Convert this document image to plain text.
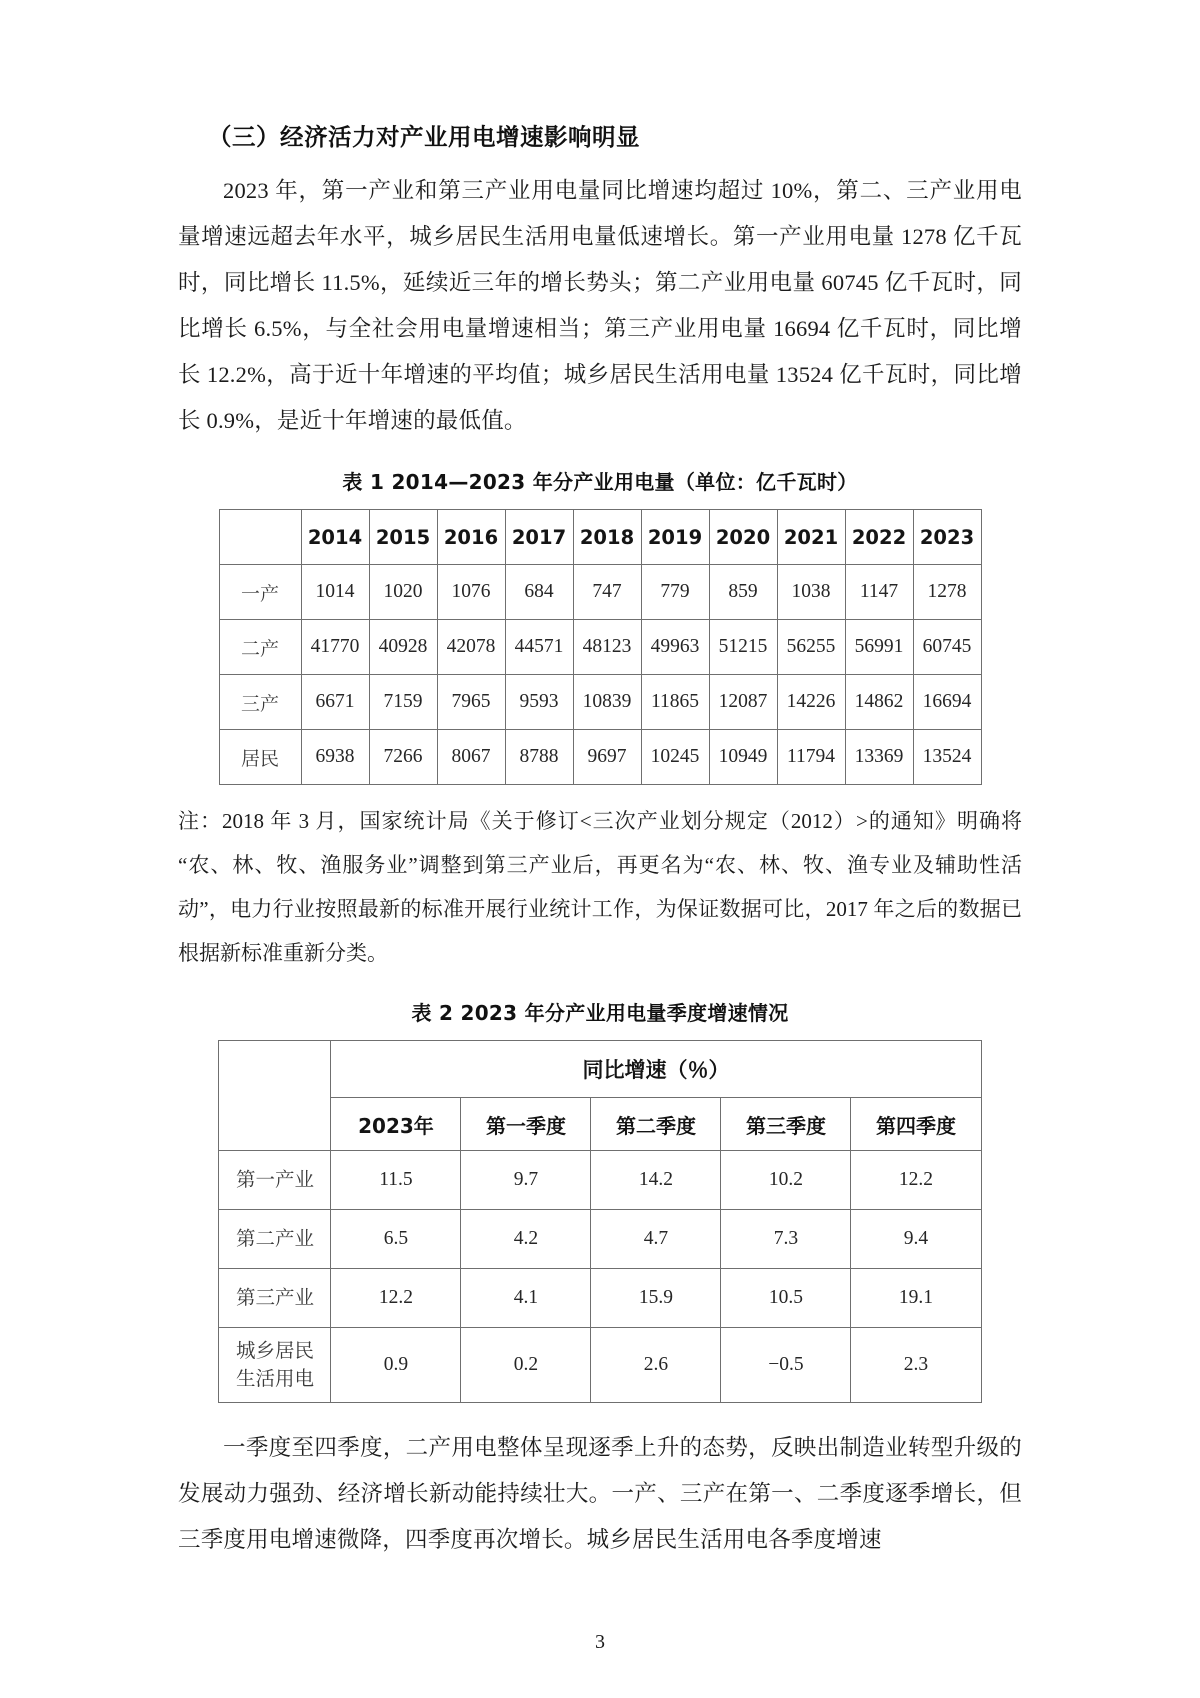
（三）经济活力对产业用电增速影响明显

2023 年，第一产业和第三产业用电量同比增速均超过 10%，第二、三产业用电量增速远超去年水平，城乡居民生活用电量低速增长。第一产业用电量 1278 亿千瓦时，同比增长 11.5%，延续近三年的增长势头；第二产业用电量 60745 亿千瓦时，同比增长 6.5%，与全社会用电量增速相当；第三产业用电量 16694 亿千瓦时，同比增长 12.2%，高于近十年增速的平均值；城乡居民生活用电量 13524 亿千瓦时，同比增长 0.9%，是近十年增速的最低值。

表 1 2014—2023 年分产业用电量（单位：亿千瓦时）
	2014	2015	2016	2017	2018	2019	2020	2021	2022	2023
一产	1014	1020	1076	684	747	779	859	1038	1147	1278
二产	41770	40928	42078	44571	48123	49963	51215	56255	56991	60745
三产	6671	7159	7965	9593	10839	11865	12087	14226	14862	16694
居民	6938	7266	8067	8788	9697	10245	10949	11794	13369	13524

注：2018 年 3 月，国家统计局《关于修订<三次产业划分规定（2012）>的通知》明确将“农、林、牧、渔服务业”调整到第三产业后，再更名为“农、林、牧、渔专业及辅助性活动”，电力行业按照最新的标准开展行业统计工作，为保证数据可比，2017 年之后的数据已根据新标准重新分类。

表 2 2023 年分产业用电量季度增速情况
	同比增速（％）				
	2023年	第一季度	第二季度	第三季度	第四季度
第一产业	11.5	9.7	14.2	10.2	12.2
第二产业	6.5	4.2	4.7	7.3	9.4
第三产业	12.2	4.1	15.9	10.5	19.1
城乡居民
生活用电	0.9	0.2	2.6	−0.5	2.3

一季度至四季度，二产用电整体呈现逐季上升的态势，反映出制造业转型升级的发展动力强劲、经济增长新动能持续壮大。一产、三产在第一、二季度逐季增长，但三季度用电增速微降，四季度再次增长。城乡居民生活用电各季度增速

3
